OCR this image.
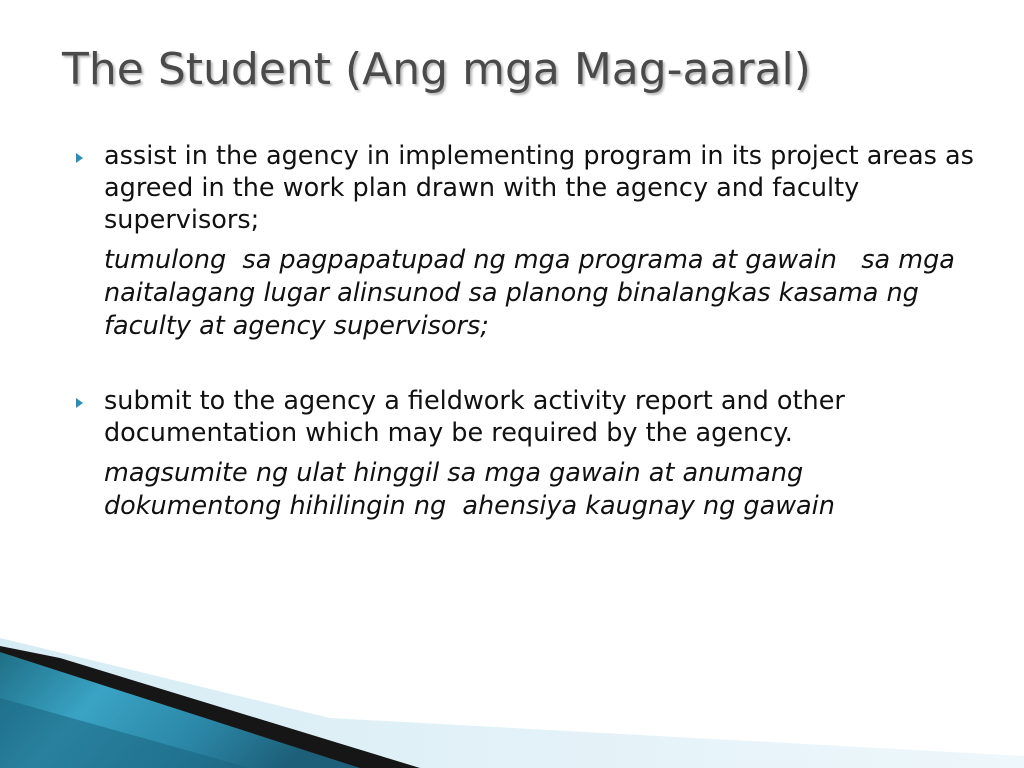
The Student (Ang mga Mag-aaral)

assist in the agency in implementing program in its project areas as agreed in the work plan drawn with the agency and faculty supervisors;

tumulong  sa pagpapatupad ng mga programa at gawain   sa mga naitalagang lugar alinsunod sa planong binalangkas kasama ng faculty at agency supervisors;

submit to the agency a fieldwork activity report and other documentation which may be required by the agency.

magsumite ng ulat hinggil sa mga gawain at anumang dokumentong hihilingin ng  ahensiya kaugnay ng gawain
